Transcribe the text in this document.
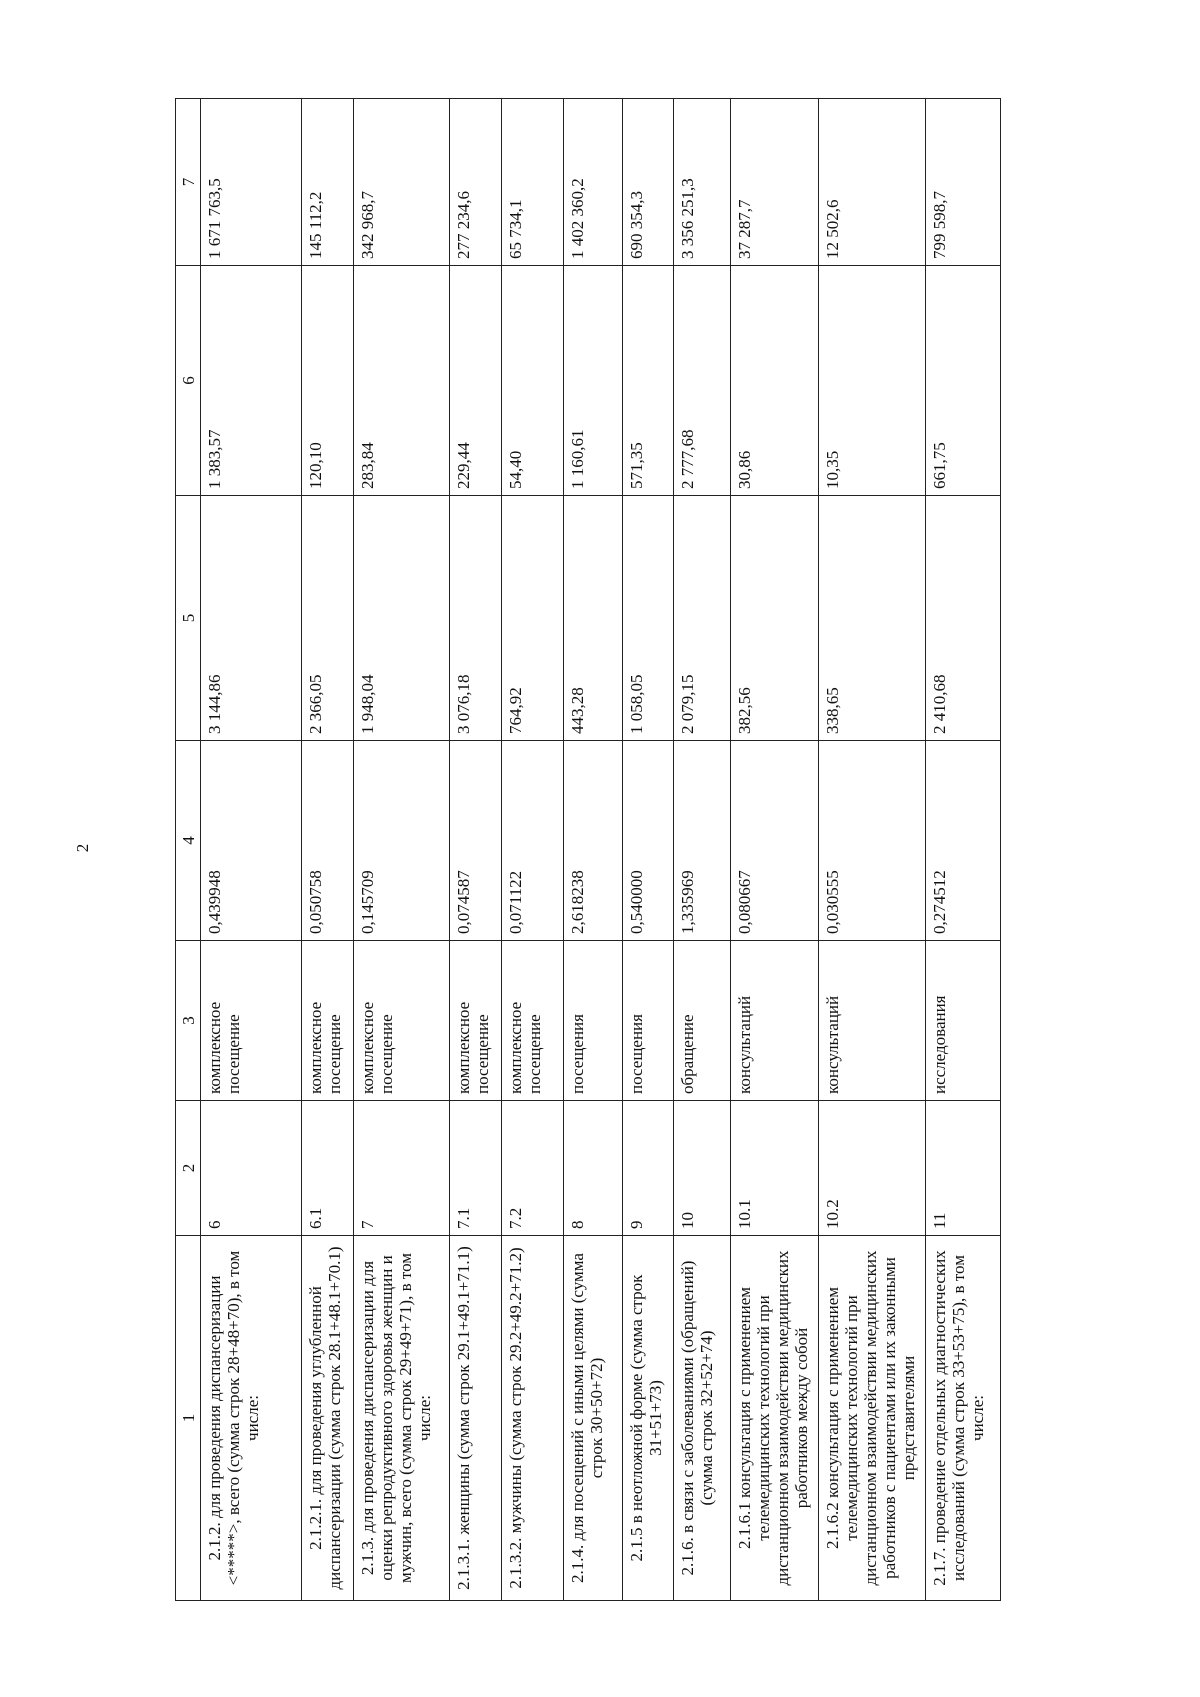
2
1	2	3	4	5	6	7
2.1.2. для проведения диспансеризации <*****>, всего (сумма строк 28+48+70), в том числе:	6	комплексное посещение	0,439948	3 144,86	1 383,57	1 671 763,5
2.1.2.1. для проведения углубленной диспансеризации (сумма строк 28.1+48.1+70.1)	6.1	комплексное посещение	0,050758	2 366,05	120,10	145 112,2
2.1.3. для проведения диспансеризации для оценки репродуктивного здоровья женщин и мужчин, всего (сумма строк 29+49+71), в том числе:	7	комплексное посещение	0,145709	1 948,04	283,84	342 968,7
2.1.3.1. женщины (сумма строк 29.1+49.1+71.1)	7.1	комплексное посещение	0,074587	3 076,18	229,44	277 234,6
2.1.3.2. мужчины (сумма строк 29.2+49.2+71.2)	7.2	комплексное посещение	0,071122	764,92	54,40	65 734,1
2.1.4. для посещений с иными целями (сумма строк 30+50+72)	8	посещения	2,618238	443,28	1 160,61	1 402 360,2
2.1.5 в неотложной форме (сумма строк 31+51+73)	9	посещения	0,540000	1 058,05	571,35	690 354,3
2.1.6. в связи с заболеваниями (обращений) (сумма строк 32+52+74)	10	обращение	1,335969	2 079,15	2 777,68	3 356 251,3
2.1.6.1 консультация с применением телемедицинских технологий при дистанционном взаимодействии медицинских работников между собой	10.1	консультаций	0,080667	382,56	30,86	37 287,7
2.1.6.2 консультация с применением телемедицинских технологий при дистанционном взаимодействии медицинских работников с пациентами или их законными представителями	10.2	консультаций	0,030555	338,65	10,35	12 502,6
2.1.7. проведение отдельных диагностических исследований (сумма строк 33+53+75), в том числе:	11	исследования	0,274512	2 410,68	661,75	799 598,7
